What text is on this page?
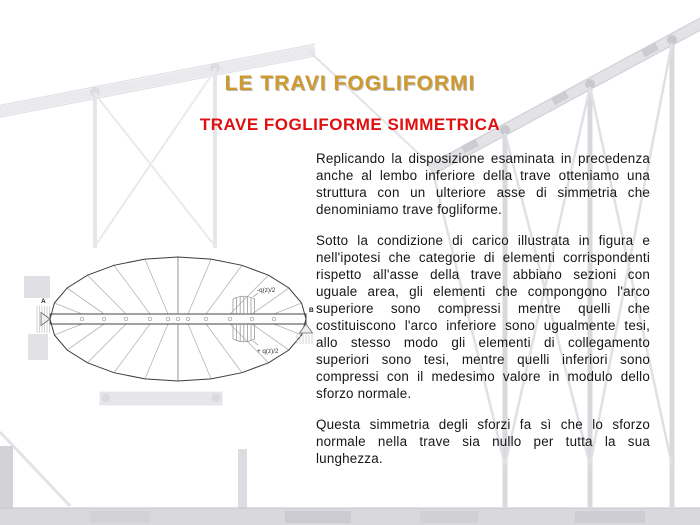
LE TRAVI FOGLIFORMI
TRAVE FOGLIFORME SIMMETRICA

Replicando la disposizione esaminata in precedenza anche al lembo inferiore della trave otteniamo una struttura con un ulteriore asse di simmetria che denominiamo trave fogliforme.

Sotto la condizione di carico illustrata in figura e nell'ipotesi che categorie di elementi corrispondenti rispetto all'asse della trave abbiano sezioni con uguale area, gli elementi che compongono l'arco superiore sono compressi mentre quelli che costituiscono l'arco inferiore sono ugualmente tesi, allo stesso modo gli elementi di collegamento superiori sono tesi, mentre quelli inferiori sono compressi con il medesimo valore in modulo dello sforzo normale.

Questa simmetria degli sforzi fa sì che lo sforzo normale nella trave sia nullo per tutta la sua lunghezza.

-q(z)/2
+ q(z)/2
A
B
